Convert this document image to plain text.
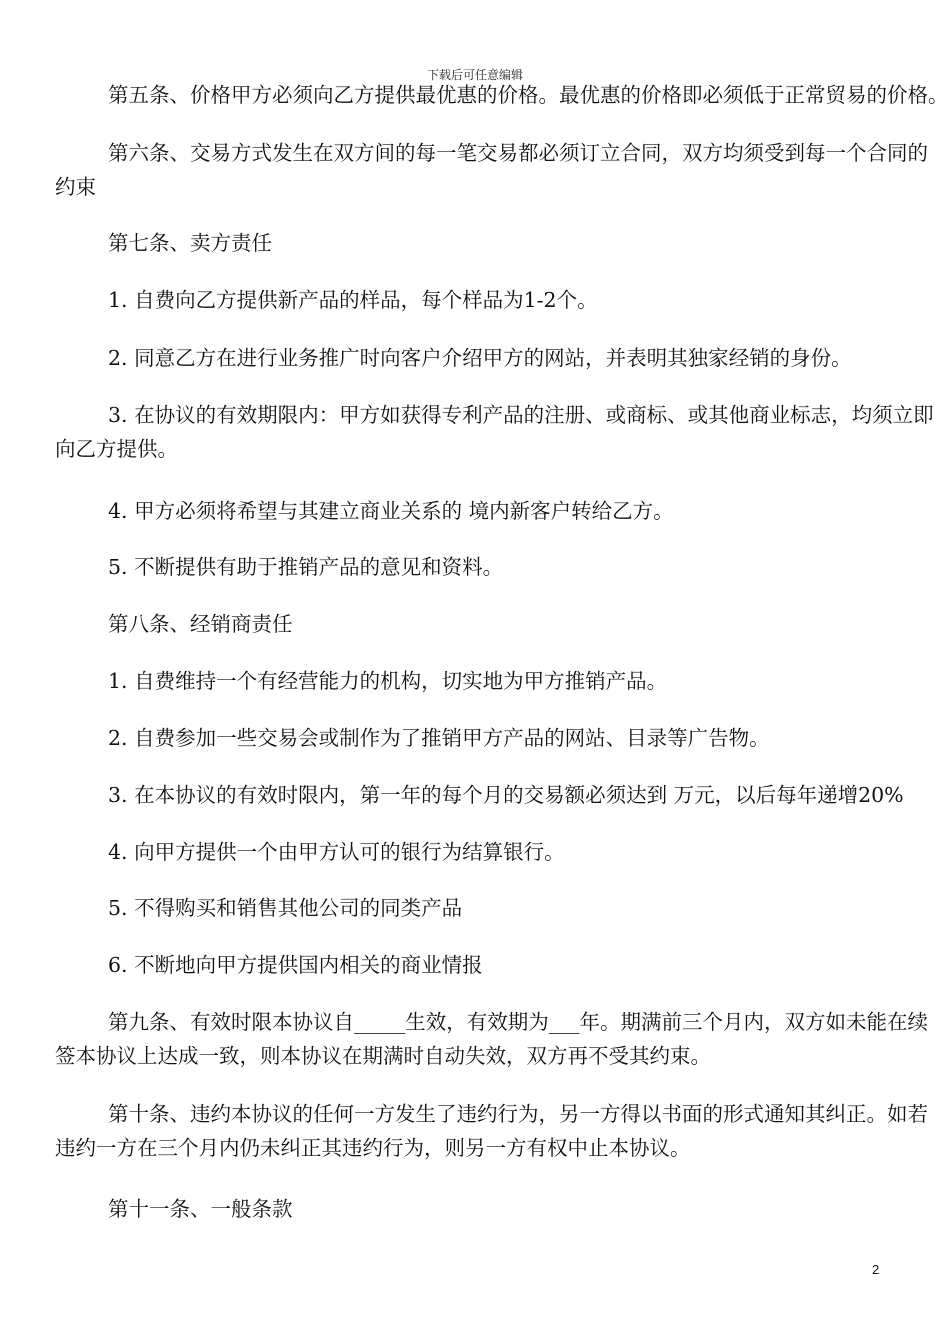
下载后可任意编辑
第五条、价格甲方必须向乙方提供最优惠的价格。最优惠的价格即必须低于正常贸易的价格。
第六条、交易方式发生在双方间的每一笔交易都必须订立合同，双方均须受到每一个合同的
约束
第七条、卖方责任
1. 自费向乙方提供新产品的样品，每个样品为1-2个。
2. 同意乙方在进行业务推广时向客户介绍甲方的网站，并表明其独家经销的身份。
3. 在协议的有效期限内：甲方如获得专利产品的注册、或商标、或其他商业标志，均须立即
向乙方提供。
4. 甲方必须将希望与其建立商业关系的 境内新客户转给乙方。
5. 不断提供有助于推销产品的意见和资料。
第八条、经销商责任
1. 自费维持一个有经营能力的机构，切实地为甲方推销产品。
2. 自费参加一些交易会或制作为了推销甲方产品的网站、目录等广告物。
3. 在本协议的有效时限内，第一年的每个月的交易额必须达到 万元，以后每年递增20%
4. 向甲方提供一个由甲方认可的银行为结算银行。
5. 不得购买和销售其他公司的同类产品
6. 不断地向甲方提供国内相关的商业情报
第九条、有效时限本协议自_____生效，有效期为___年。期满前三个月内，双方如未能在续
签本协议上达成一致，则本协议在期满时自动失效，双方再不受其约束。
第十条、违约本协议的任何一方发生了违约行为，另一方得以书面的形式通知其纠正。如若
违约一方在三个月内仍未纠正其违约行为，则另一方有权中止本协议。
第十一条、一般条款
2
